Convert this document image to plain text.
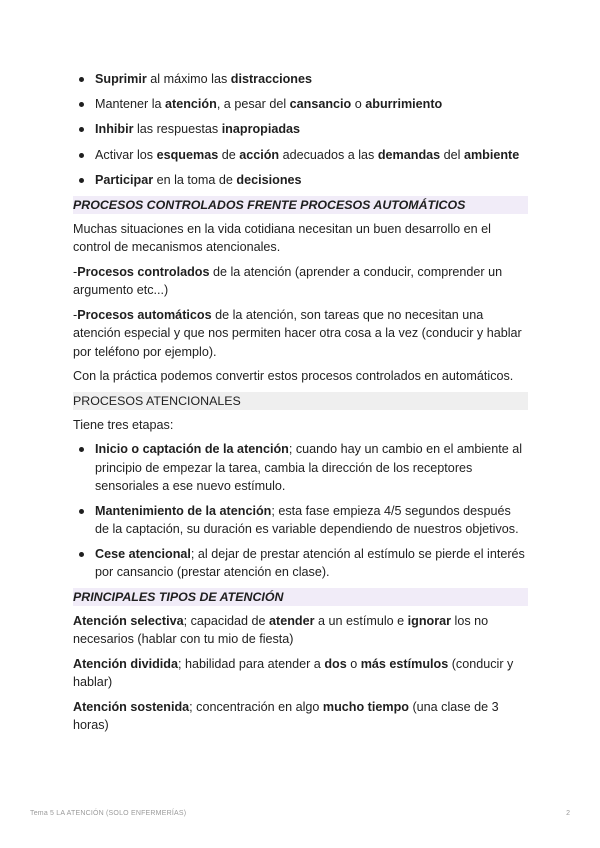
Suprimir al máximo las distracciones
Mantener la atención, a pesar del cansancio o aburrimiento
Inhibir las respuestas inapropiadas
Activar los esquemas de acción adecuados a las demandas del ambiente
Participar en la toma de decisiones
PROCESOS CONTROLADOS FRENTE PROCESOS AUTOMÁTICOS

Muchas situaciones en la vida cotidiana necesitan un buen desarrollo en el control de mecanismos atencionales.

-Procesos controlados de la atención (aprender a conducir, comprender un argumento etc...)

-Procesos automáticos de la atención, son tareas que no necesitan una atención especial y que nos permiten hacer otra cosa a la vez (conducir y hablar por teléfono por ejemplo).

Con la práctica podemos convertir estos procesos controlados en automáticos.

PROCESOS ATENCIONALES

Tiene tres etapas:

Inicio o captación de la atención; cuando hay un cambio en el ambiente al principio de empezar la tarea, cambia la dirección de los receptores sensoriales a ese nuevo estímulo.
Mantenimiento de la atención; esta fase empieza 4/5 segundos después de la captación, su duración es variable dependiendo de nuestros objetivos.
Cese atencional; al dejar de prestar atención al estímulo se pierde el interés por cansancio (prestar atención en clase).
PRINCIPALES TIPOS DE ATENCIÓN

Atención selectiva; capacidad de atender a un estímulo e ignorar los no necesarios (hablar con tu mio de fiesta)

Atención dividida; habilidad para atender a dos o más estímulos (conducir y hablar)

Atención sostenida; concentración en algo mucho tiempo (una clase de 3 horas)

Tema 5 LA ATENCIÓN (SOLO ENFERMERÍAS)	2
